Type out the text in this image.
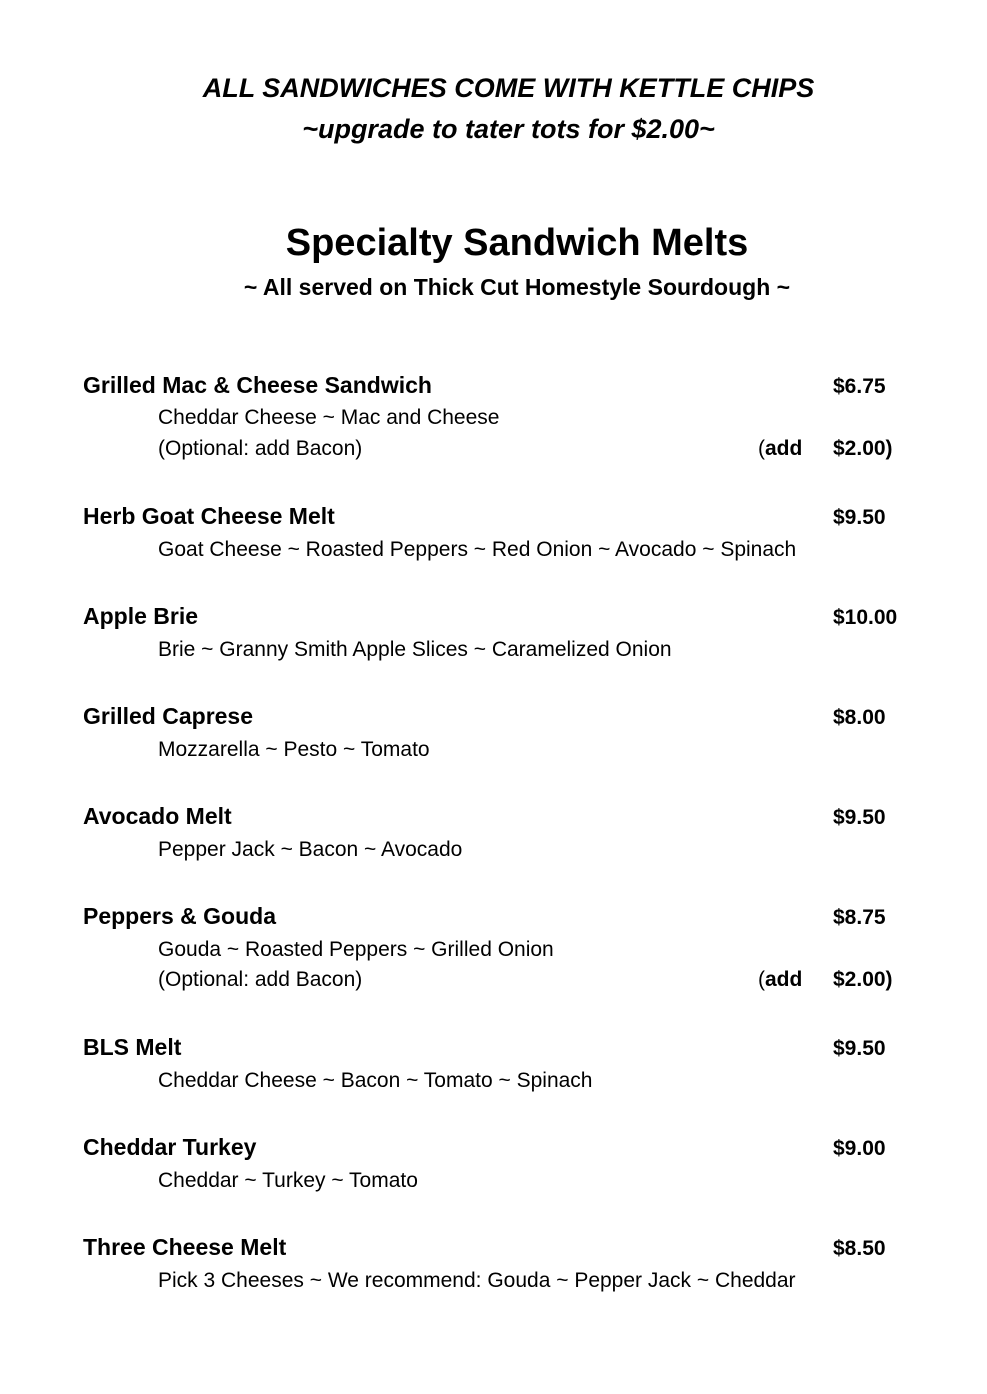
ALL SANDWICHES COME WITH KETTLE CHIPS
~upgrade to tater tots for $2.00~
Specialty Sandwich Melts
~ All served on Thick Cut Homestyle Sourdough ~
Grilled Mac & Cheese Sandwich	$6.75
Cheddar Cheese ~ Mac and Cheese
(Optional: add Bacon)	(add $2.00)
Herb Goat Cheese Melt	$9.50
Goat Cheese ~ Roasted Peppers ~ Red Onion ~ Avocado ~ Spinach
Apple Brie	$10.00
Brie ~ Granny Smith Apple Slices ~ Caramelized Onion
Grilled Caprese	$8.00
Mozzarella ~ Pesto ~ Tomato
Avocado Melt	$9.50
Pepper Jack ~ Bacon ~ Avocado
Peppers & Gouda	$8.75
Gouda ~ Roasted Peppers ~ Grilled Onion
(Optional: add Bacon)	(add $2.00)
BLS Melt	$9.50
Cheddar Cheese ~ Bacon ~ Tomato ~ Spinach
Cheddar Turkey	$9.00
Cheddar ~ Turkey ~ Tomato
Three Cheese Melt	$8.50
Pick 3 Cheeses ~ We recommend: Gouda ~ Pepper Jack ~ Cheddar
